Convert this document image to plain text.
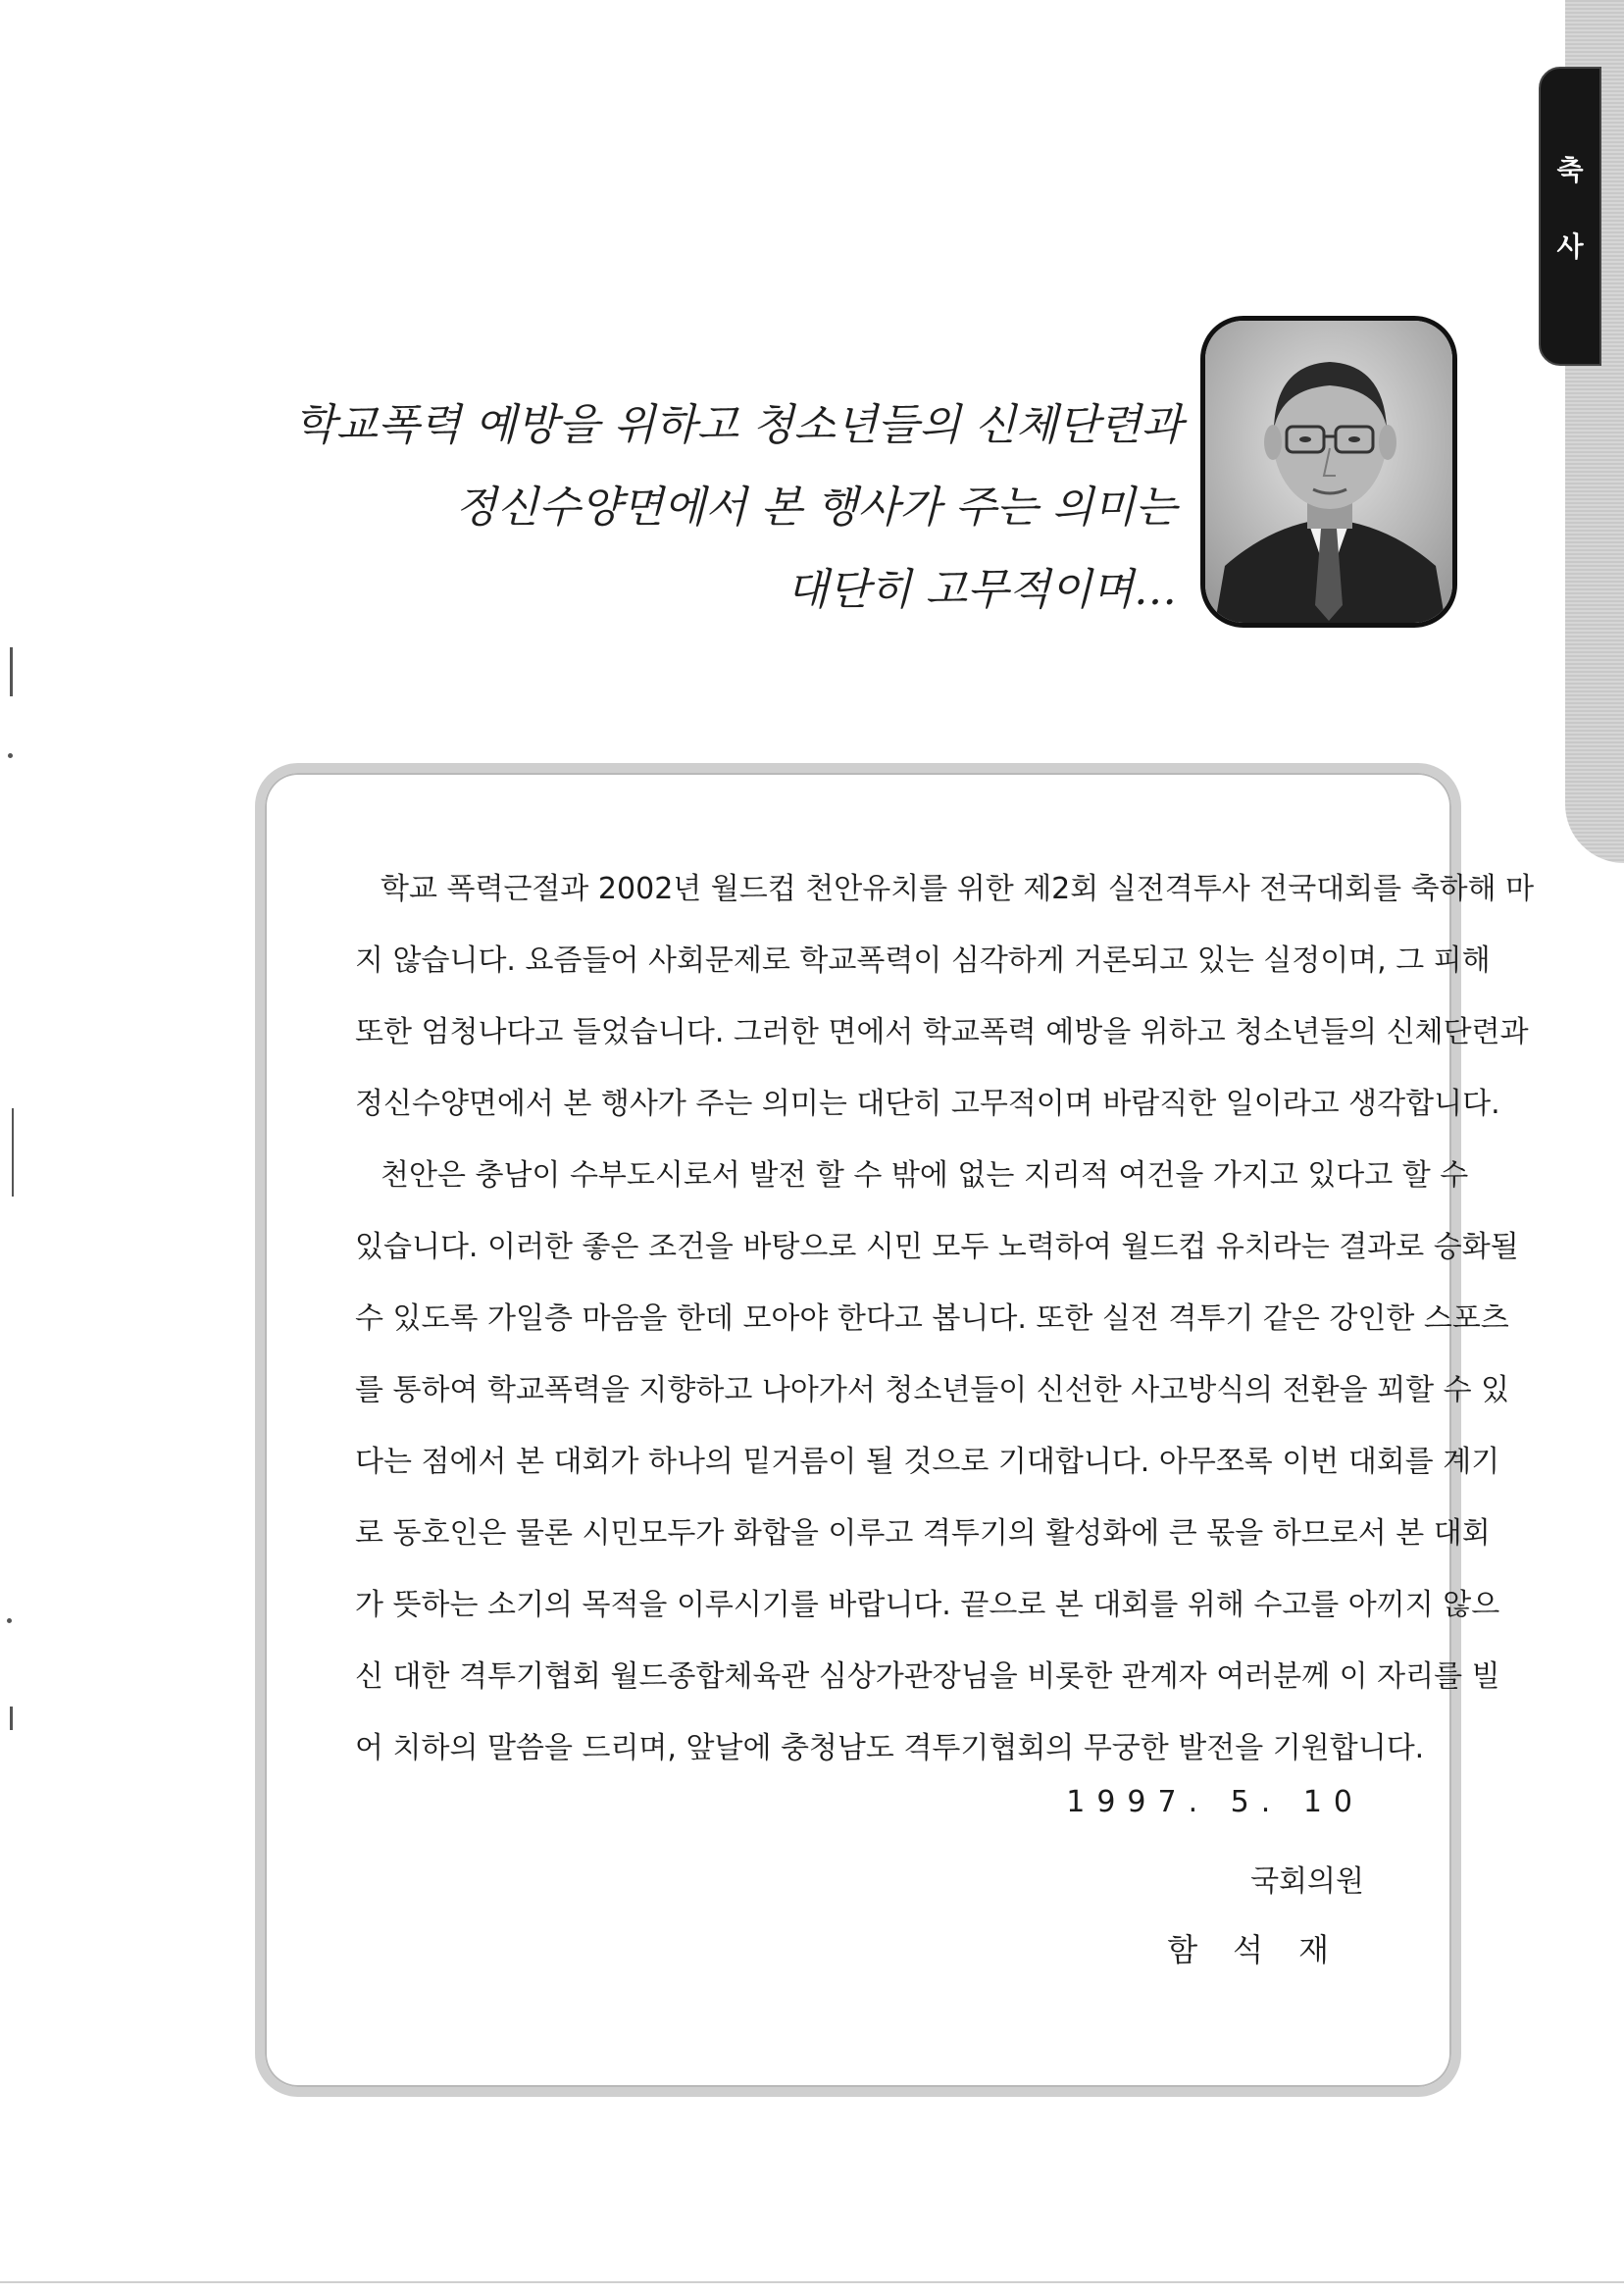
축
사
학교폭력 예방을 위하고 청소년들의 신체단련과
정신수양면에서 본 행사가 주는 의미는
대단히 고무적이며…
학교 폭력근절과 2002년 월드컵 천안유치를 위한 제2회 실전격투사 전국대회를 축하해 마
지 않습니다. 요즘들어 사회문제로 학교폭력이 심각하게 거론되고 있는 실정이며, 그 피해
또한 엄청나다고 들었습니다. 그러한 면에서 학교폭력 예방을 위하고 청소년들의 신체단련과
정신수양면에서 본 행사가 주는 의미는 대단히 고무적이며 바람직한 일이라고 생각합니다.
천안은 충남이 수부도시로서 발전 할 수 밖에 없는 지리적 여건을 가지고 있다고 할 수
있습니다. 이러한 좋은 조건을 바탕으로 시민 모두 노력하여 월드컵 유치라는 결과로 승화될
수 있도록 가일층 마음을 한데 모아야 한다고 봅니다. 또한 실전 격투기 같은 강인한 스포츠
를 통하여 학교폭력을 지향하고 나아가서 청소년들이 신선한 사고방식의 전환을 꾀할 수 있
다는 점에서 본 대회가 하나의 밑거름이 될 것으로 기대합니다. 아무쪼록 이번 대회를 계기
로 동호인은 물론 시민모두가 화합을 이루고 격투기의 활성화에 큰 몫을 하므로서 본 대회
가 뜻하는 소기의 목적을 이루시기를 바랍니다. 끝으로 본 대회를 위해 수고를 아끼지 않으
신 대한 격투기협회 월드종합체육관 심상가관장님을 비롯한 관계자 여러분께 이 자리를 빌
어 치하의 말씀을 드리며, 앞날에 충청남도 격투기협회의 무궁한 발전을 기원합니다.
1997. 5. 10
국회의원
함석재
